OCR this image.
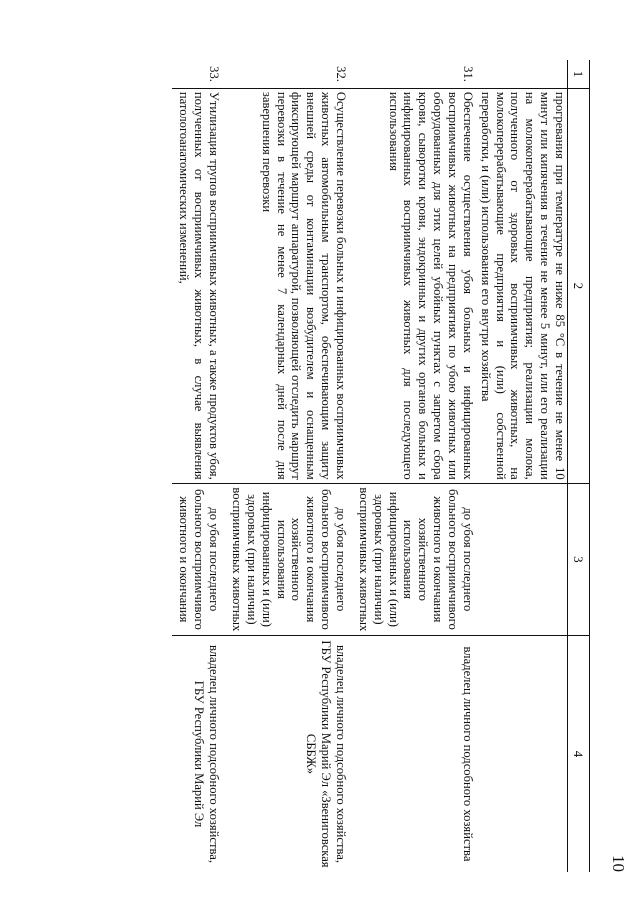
10
1	2	3	4
	прогревания при температуре не ниже 85 °С в течение не менее 10 минут или кипячения в течение не менее 5 минут, или его реализации на молокоперерабатывающие предприятия; реализации молока, полученного от здоровых восприимчивых животных, на молокоперерабатывающие предприятия и (или) собственной переработки, и (или) использования его внутри хозяйства		
31.	Обеспечение осуществления убоя больных и инфицированных восприимчивых животных на предприятиях по убою животных или оборудованных для этих целей убойных пунктах с запретом сбора крови, сыворотки крови, эндокринных и других органов больных и инфицированных восприимчивых животных для последующего использования	до убоя последнего больного восприимчивого животного и окончания хозяйственного использования инфицированных и (или) здоровых (при наличии) восприимчивых животных	владелец личного подсобного хозяйства
32.	Осуществление перевозки больных и инфицированных восприимчивых животных автомобильным транспортом, обеспечивающим защиту внешней среды от контаминации возбудителем и оснащенным фиксирующей маршрут аппаратурой, позволяющей отследить маршрут перевозки в течение не менее 7 календарных дней после дня завершения перевозки	до убоя последнего больного восприимчивого животного и окончания хозяйственного использования инфицированных и (или) здоровых (при наличии) восприимчивых животных	владелец личного подсобного хозяйства, ГБУ Республики Марий Эл «Звениговская СББЖ»
33.	Утилизация трупов восприимчивых животных, а также продуктов убоя, полученных от восприимчивых животных, в случае выявления патологоанатомических изменений,	до убоя последнего больного восприимчивого животного и окончания	владелец личного подсобного хозяйства, ГБУ Республики Марий Эл
